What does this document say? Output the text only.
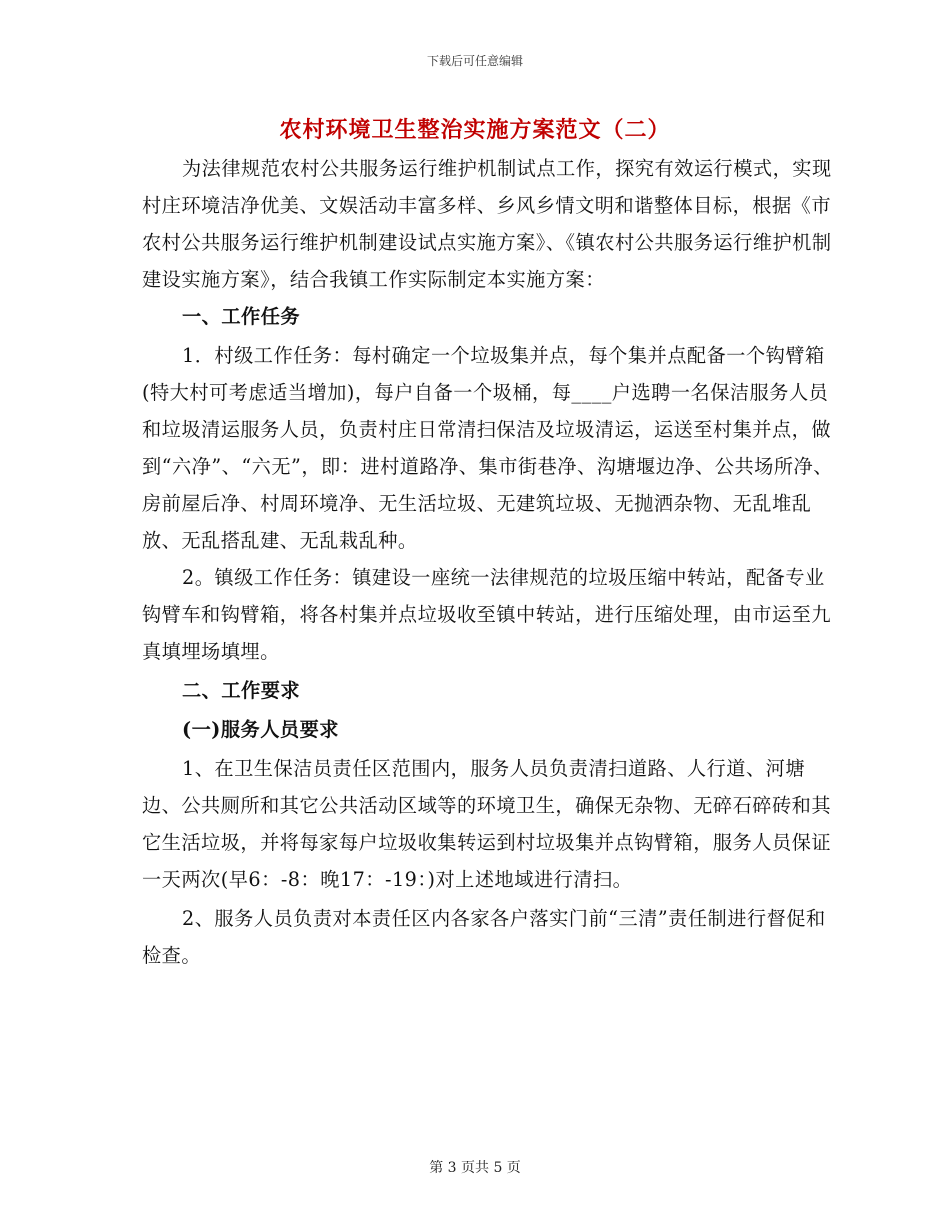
下载后可任意编辑
农村环境卫生整治实施方案范文（二）

为法律规范农村公共服务运行维护机制试点工作，探究有效运行模式，实现村庄环境洁净优美、文娱活动丰富多样、乡风乡情文明和谐整体目标，根据《市农村公共服务运行维护机制建设试点实施方案》、《镇农村公共服务运行维护机制建设实施方案》，结合我镇工作实际制定本实施方案：

一、工作任务

1．村级工作任务：每村确定一个垃圾集并点，每个集并点配备一个钩臂箱(特大村可考虑适当增加)，每户自备一个圾桶，每____户选聘一名保洁服务人员和垃圾清运服务人员，负责村庄日常清扫保洁及垃圾清运，运送至村集并点，做到“六净”、“六无”，即：进村道路净、集市街巷净、沟塘堰边净、公共场所净、房前屋后净、村周环境净、无生活垃圾、无建筑垃圾、无抛洒杂物、无乱堆乱放、无乱搭乱建、无乱栽乱种。

2。镇级工作任务：镇建设一座统一法律规范的垃圾压缩中转站，配备专业钩臂车和钩臂箱，将各村集并点垃圾收至镇中转站，进行压缩处理，由市运至九真填埋场填埋。

二、工作要求

(一)服务人员要求

1、在卫生保洁员责任区范围内，服务人员负责清扫道路、人行道、河塘边、公共厕所和其它公共活动区域等的环境卫生，确保无杂物、无碎石碎砖和其它生活垃圾，并将每家每户垃圾收集转运到村垃圾集并点钩臂箱，服务人员保证一天两次(早6：-8：晚17：-19：)对上述地域进行清扫。

2、服务人员负责对本责任区内各家各户落实门前“三清”责任制进行督促和检查。

第 3 页共 5 页
